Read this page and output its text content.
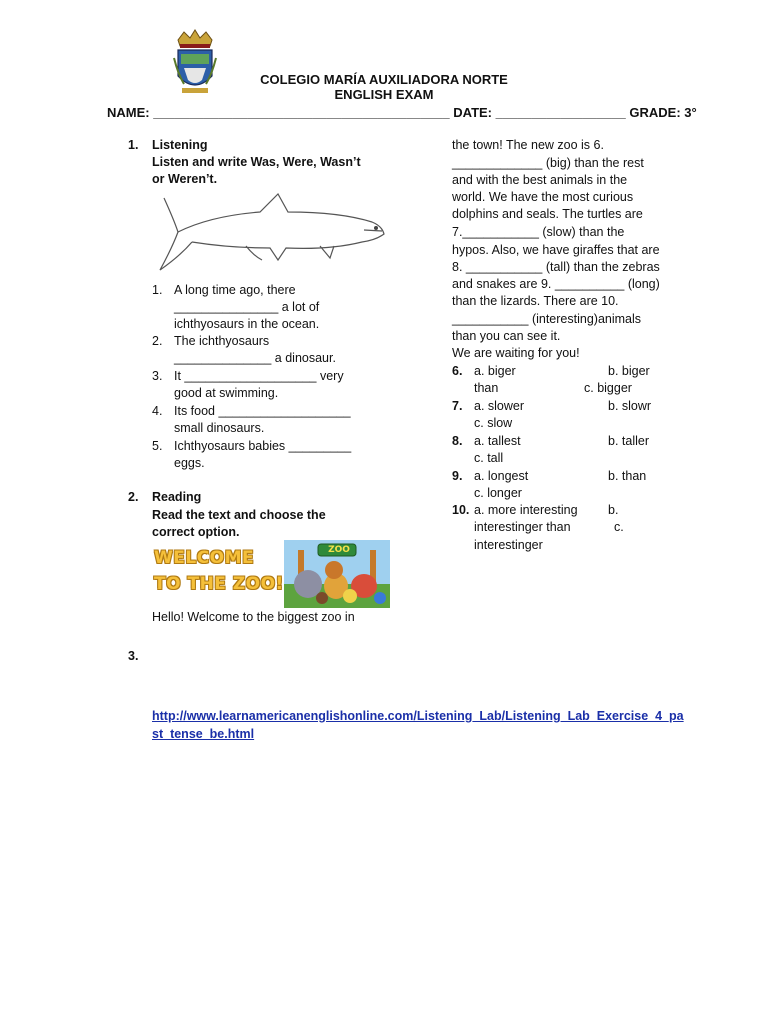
COLEGIO MARÍA AUXILIADORA NORTE
ENGLISH EXAM
NAME: _________________________________________ DATE: __________________ GRADE: 3°
1. Listening
Listen and write Was, Were, Wasn’t
or Weren’t.
1. A long time ago, there
_______________ a lot of
ichthyosaurs in the ocean.
2. The ichthyosaurs
______________ a dinosaur.
3. It ___________________ very
good at swimming.
4. Its food ___________________
small dinosaurs.
5. Ichthyosaurs babies _________
eggs.
2. Reading
Read the text and choose the
correct option.
WELCOME
TO THE ZOO!
ZOO
Hello! Welcome to the biggest zoo in
3.
http://www.learnamericanenglishonline.com/Listening_Lab/Listening_Lab_Exercise_4_pa
st_tense_be.html
the town! The new zoo is 6.
_____________ (big) than the rest
and with the best animals in the
world. We have the most curious
dolphins and seals. The turtles are
7.___________ (slow) than the
hypos. Also, we have giraffes that are
8. ___________ (tall) than the zebras
and snakes are 9. __________ (long)
than the lizards. There are 10.
___________ (interesting)animals
than you can see it.
We are waiting for you!
6. a. biger	b. biger
than	c. bigger
7. a. slower	b. slowr
c. slow
8. a. tallest	b. taller
c. tall
9. a. longest	b. than
c. longer
10. a. more interesting b.
interestinger than	c.
interestinger
